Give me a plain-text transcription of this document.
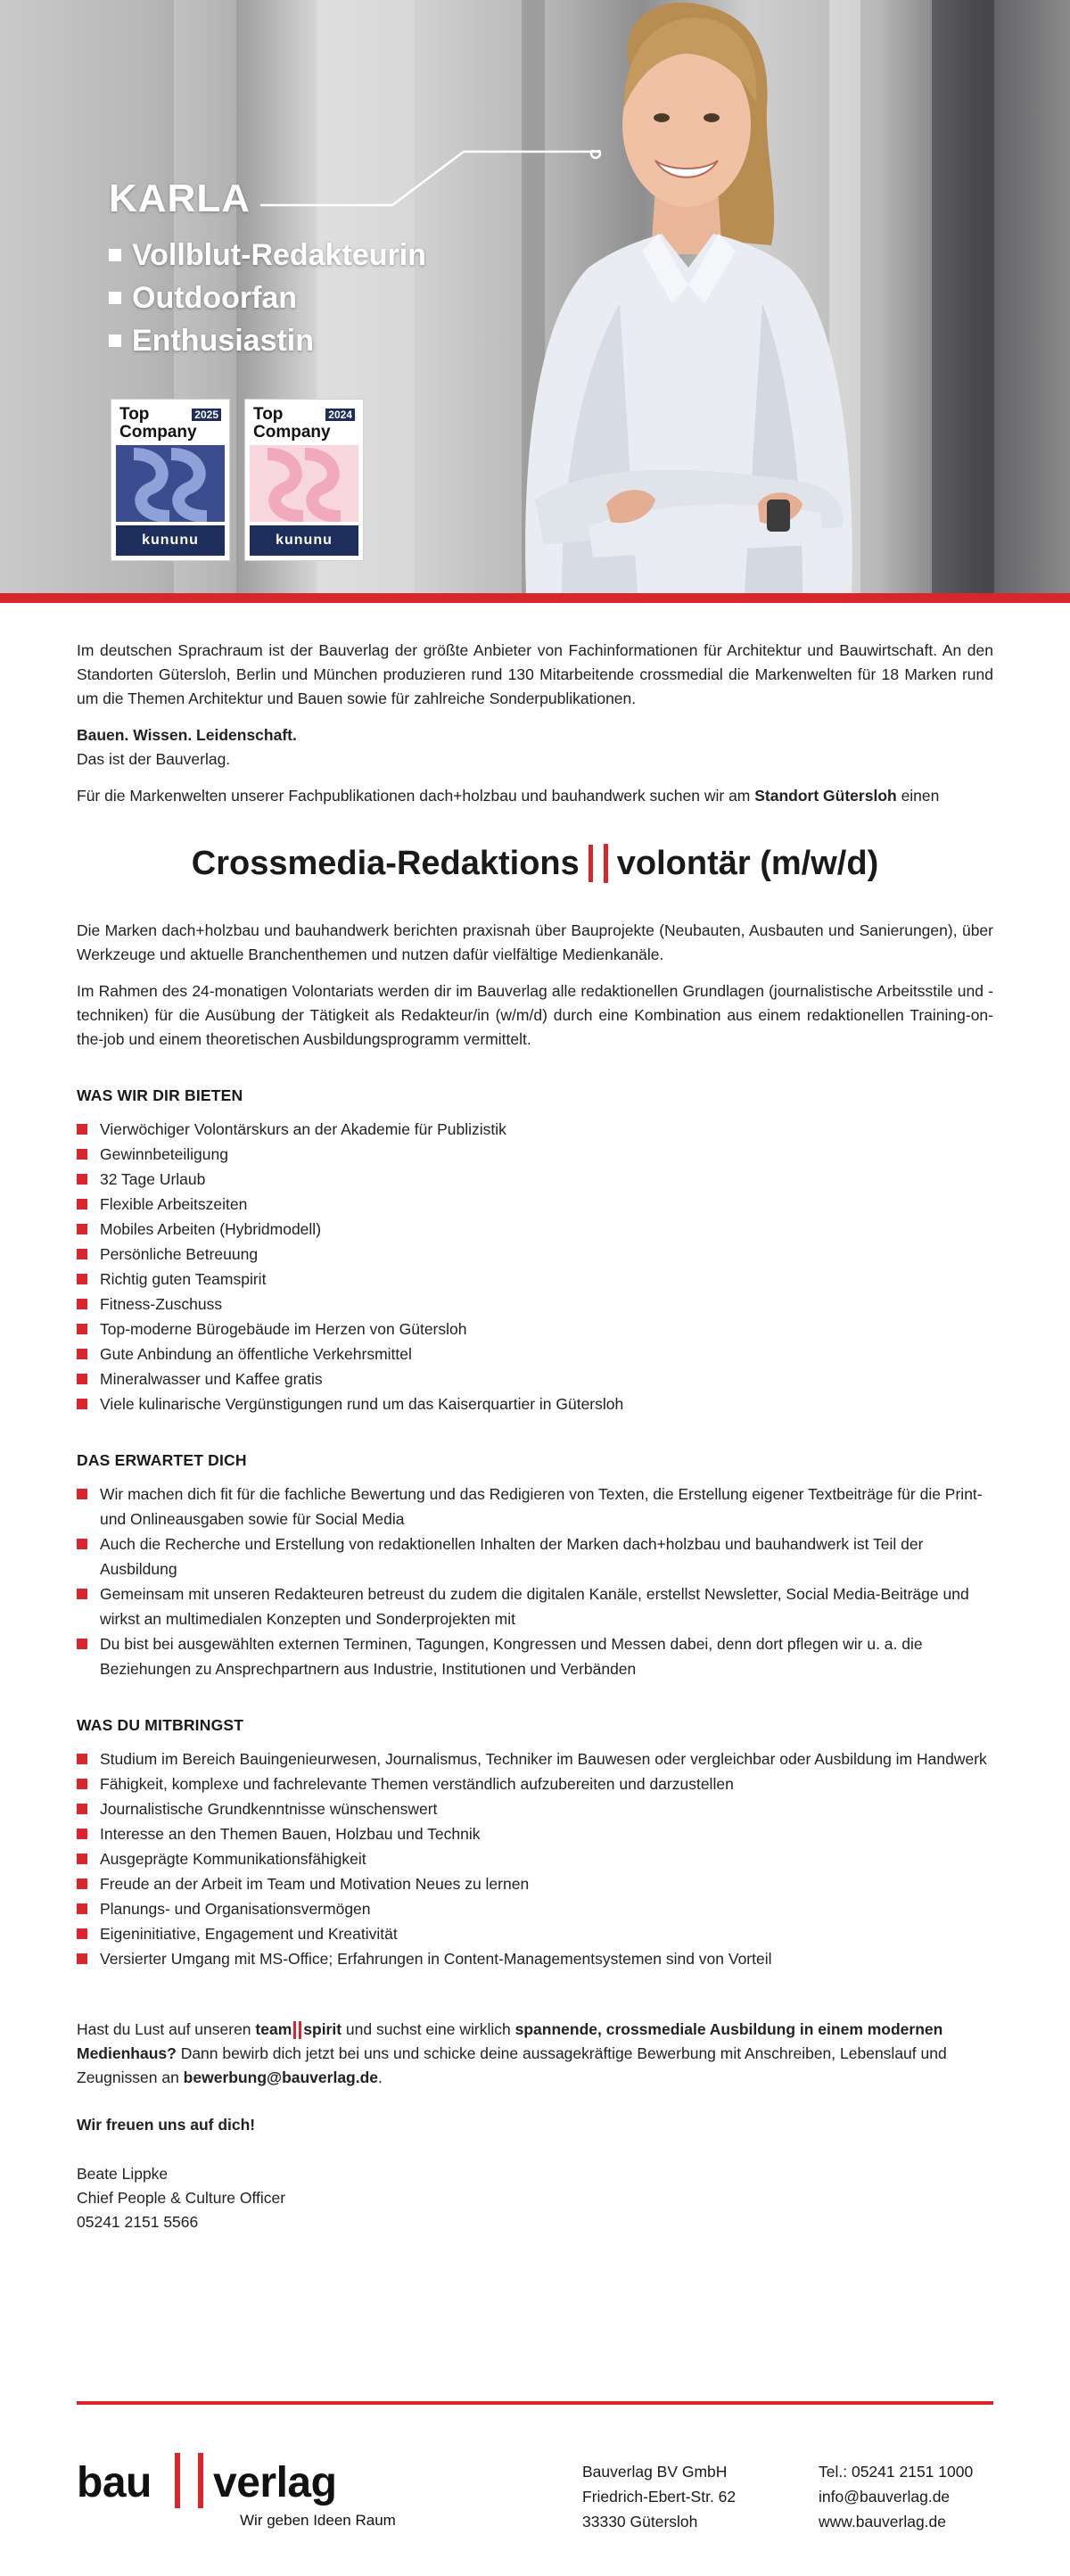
KARLA
Vollblut-Redakteurin
Outdoorfan
Enthusiastin
Top	2025
Company
kununu
Top	2024
Company
kununu

Im deutschen Sprachraum ist der Bauverlag der größte Anbieter von Fachinformationen für Architektur und Bauwirtschaft. An den Standorten Gütersloh, Berlin und München produzieren rund 130 Mitarbeitende crossmedial die Markenwelten für 18 Marken rund um die Themen Architektur und Bauen sowie für zahlreiche Sonderpublikationen.

Bauen. Wissen. Leidenschaft.
Das ist der Bauverlag.

Für die Markenwelten unserer Fachpublikationen dach+holzbau und bauhandwerk suchen wir am Standort Gütersloh einen

Crossmedia-Redaktions volontär (m/w/d)

Die Marken dach+holzbau und bauhandwerk berichten praxisnah über Bauprojekte (Neubauten, Ausbauten und Sanierungen), über Werkzeuge und aktuelle Branchenthemen und nutzen dafür vielfältige Medienkanäle.

Im Rahmen des 24-monatigen Volontariats werden dir im Bauverlag alle redaktionellen Grundlagen (journalistische Arbeitsstile und -techniken) für die Ausübung der Tätigkeit als Redakteur/in (w/m/d) durch eine Kombination aus einem redaktionellen Training-on-the-job und einem theoretischen Ausbildungsprogramm vermittelt.

WAS WIR DIR BIETEN
Vierwöchiger Volontärskurs an der Akademie für Publizistik
Gewinnbeteiligung
32 Tage Urlaub
Flexible Arbeitszeiten
Mobiles Arbeiten (Hybridmodell)
Persönliche Betreuung
Richtig guten Teamspirit
Fitness-Zuschuss
Top-moderne Bürogebäude im Herzen von Gütersloh
Gute Anbindung an öffentliche Verkehrsmittel
Mineralwasser und Kaffee gratis
Viele kulinarische Vergünstigungen rund um das Kaiserquartier in Gütersloh
DAS ERWARTET DICH
Wir machen dich fit für die fachliche Bewertung und das Redigieren von Texten, die Erstellung eigener Textbeiträge für die Print- und Onlineausgaben sowie für Social Media
Auch die Recherche und Erstellung von redaktionellen Inhalten der Marken dach+holzbau und bauhandwerk ist Teil der Ausbildung
Gemeinsam mit unseren Redakteuren betreust du zudem die digitalen Kanäle, erstellst Newsletter, Social Media-Beiträge und wirkst an multimedialen Konzepten und Sonderprojekten mit
Du bist bei ausgewählten externen Terminen, Tagungen, Kongressen und Messen dabei, denn dort pflegen wir u. a. die Beziehungen zu Ansprechpartnern aus Industrie, Institutionen und Verbänden
WAS DU MITBRINGST
Studium im Bereich Bauingenieurwesen, Journalismus, Techniker im Bauwesen oder vergleichbar oder Ausbildung im Handwerk
Fähigkeit, komplexe und fachrelevante Themen verständlich aufzubereiten und darzustellen
Journalistische Grundkenntnisse wünschenswert
Interesse an den Themen Bauen, Holzbau und Technik
Ausgeprägte Kommunikationsfähigkeit
Freude an der Arbeit im Team und Motivation Neues zu lernen
Planungs- und Organisationsvermögen
Eigeninitiative, Engagement und Kreativität
Versierter Umgang mit MS-Office; Erfahrungen in Content-Managementsystemen sind von Vorteil

Hast du Lust auf unseren team spirit und suchst eine wirklich spannende, crossmediale Ausbildung in einem modernen Medienhaus? Dann bewirb dich jetzt bei uns und schicke deine aussagekräftige Bewerbung mit Anschreiben, Lebenslauf und Zeugnissen an bewerbung@bauverlag.de.

Wir freuen uns auf dich!

Beate Lippke
Chief People & Culture Officer
05241 2151 5566
bau verlag
Wir geben Ideen Raum
Bauverlag BV GmbH
Friedrich-Ebert-Str. 62
33330 Gütersloh
Tel.: 05241 2151 1000
info@bauverlag.de
www.bauverlag.de
